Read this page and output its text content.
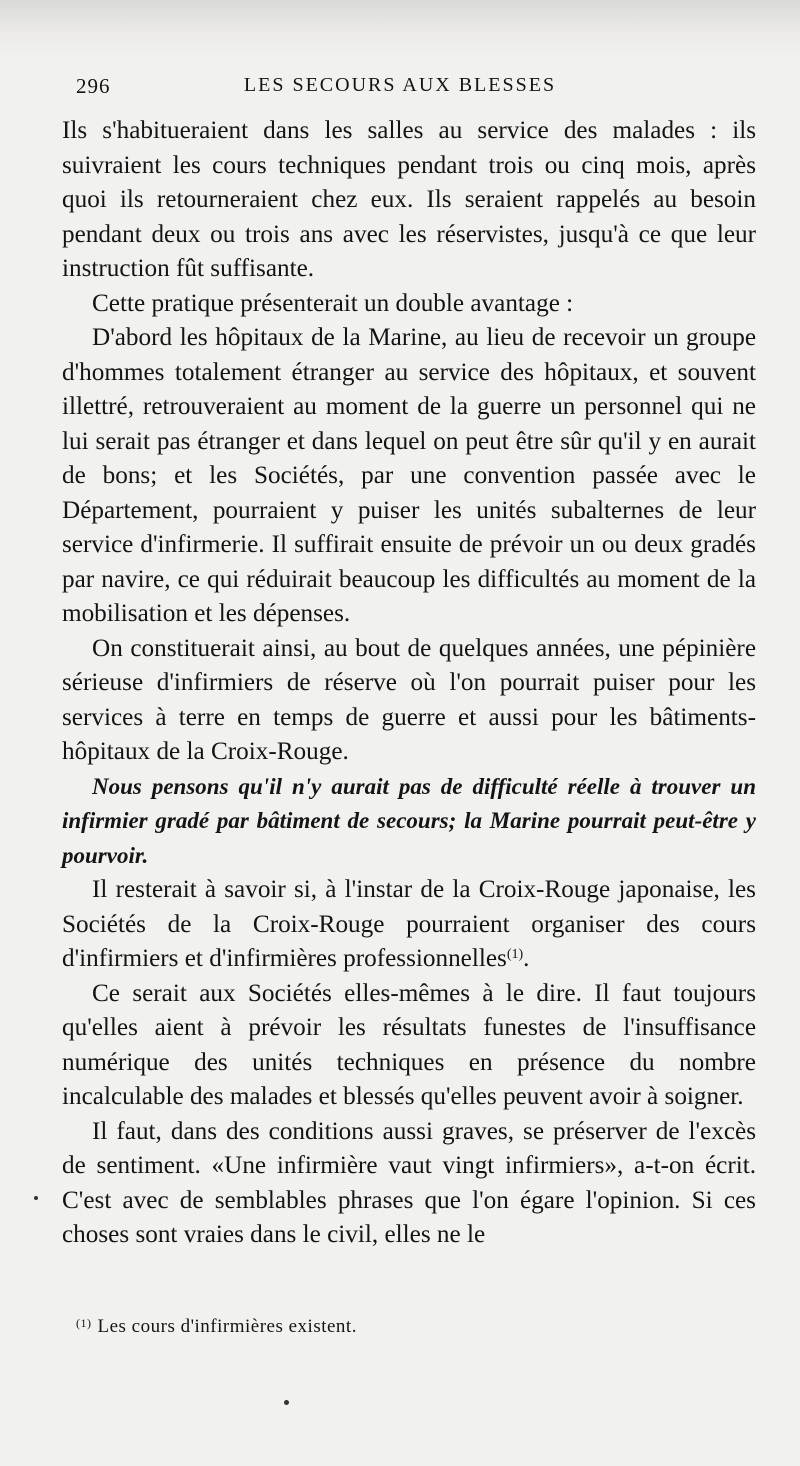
296	LES SECOURS AUX BLESSES

Ils s'habitueraient dans les salles au service des malades : ils suivraient les cours techniques pendant trois ou cinq mois, après quoi ils retourneraient chez eux. Ils seraient rappelés au besoin pendant deux ou trois ans avec les réservistes, jusqu'à ce que leur instruction fût suffisante.

Cette pratique présenterait un double avantage :

D'abord les hôpitaux de la Marine, au lieu de recevoir un groupe d'hommes totalement étranger au service des hôpitaux, et souvent illettré, retrouveraient au moment de la guerre un personnel qui ne lui serait pas étranger et dans lequel on peut être sûr qu'il y en aurait de bons; et les Sociétés, par une convention passée avec le Département, pourraient y puiser les unités subalternes de leur service d'infirmerie. Il suffirait ensuite de prévoir un ou deux gradés par navire, ce qui réduirait beaucoup les difficultés au moment de la mobilisation et les dépenses.

On constituerait ainsi, au bout de quelques années, une pépinière sérieuse d'infirmiers de réserve où l'on pourrait puiser pour les services à terre en temps de guerre et aussi pour les bâtiments-hôpitaux de la Croix-Rouge.

Nous pensons qu'il n'y aurait pas de difficulté réelle à trouver un infirmier gradé par bâtiment de secours; la Marine pourrait peut-être y pourvoir.

Il resterait à savoir si, à l'instar de la Croix-Rouge japonaise, les Sociétés de la Croix-Rouge pourraient organiser des cours d'infirmiers et d'infirmières professionnelles$^{(1)}$.

Ce serait aux Sociétés elles-mêmes à le dire. Il faut toujours qu'elles aient à prévoir les résultats funestes de l'insuffisance numérique des unités techniques en présence du nombre incalculable des malades et blessés qu'elles peuvent avoir à soigner.

Il faut, dans des conditions aussi graves, se préserver de l'excès de sentiment. «Une infirmière vaut vingt infirmiers», a-t-on écrit. C'est avec de semblables phrases que l'on égare l'opinion. Si ces choses sont vraies dans le civil, elles ne le

$^{(1)}$ Les cours d'infirmières existent.
